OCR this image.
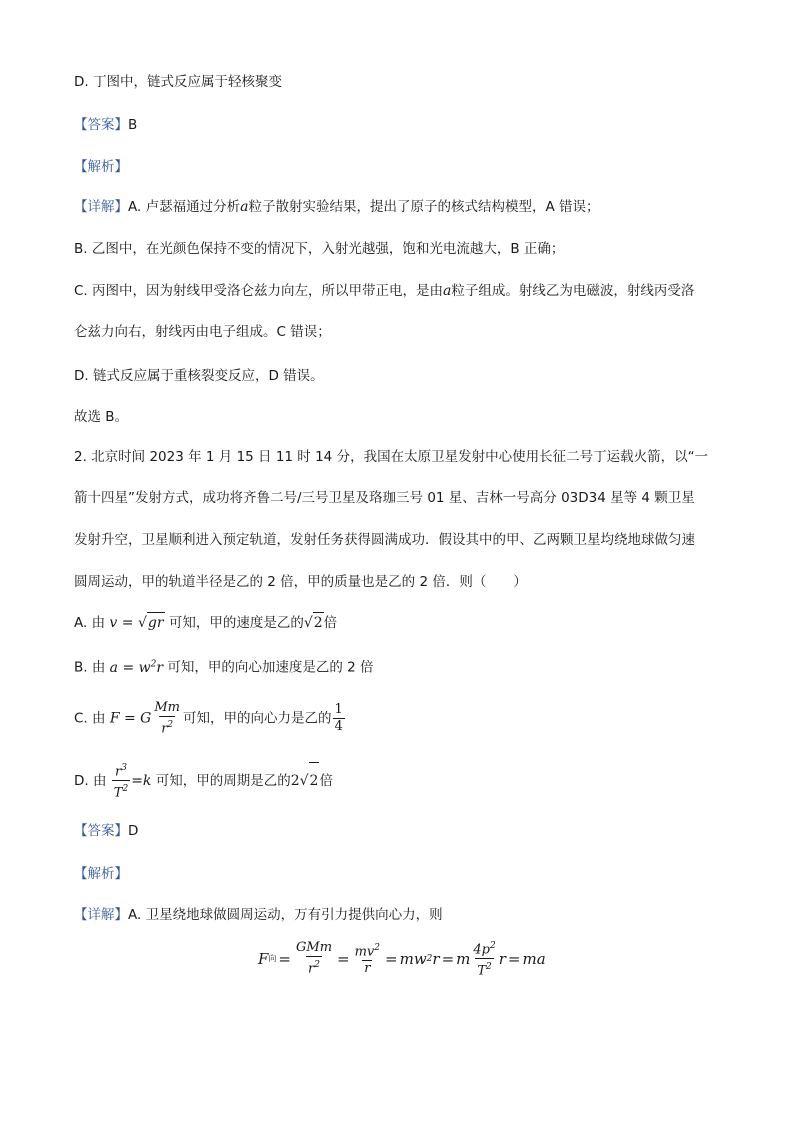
D. 丁图中，链式反应属于轻核聚变
【答案】B
【解析】
【详解】A. 卢瑟福通过分析a粒子散射实验结果，提出了原子的核式结构模型，A 错误；
B. 乙图中，在光颜色保持不变的情况下，入射光越强，饱和光电流越大，B 正确；
C. 丙图中，因为射线甲受洛仑兹力向左，所以甲带正电，是由a粒子组成。射线乙为电磁波，射线丙受洛
仑兹力向右，射线丙由电子组成。C 错误；
D. 链式反应属于重核裂变反应，D 错误。
故选 B。
2. 北京时间 2023 年 1 月 15 日 11 时 14 分，我国在太原卫星发射中心使用长征二号丁运载火箭，以“一
箭十四星”发射方式，成功将齐鲁二号/三号卫星及珞珈三号 01 星、吉林一号高分 03D34 星等 4 颗卫星
发射升空，卫星顺利进入预定轨道，发射任务获得圆满成功．假设其中的甲、乙两颗卫星均绕地球做匀速
圆周运动，甲的轨道半径是乙的 2 倍，甲的质量也是乙的 2 倍．则（　　）
A. 由 v = √gr 可知，甲的速度是乙的√2倍
B. 由 $a = w^2r$ 可知，甲的向心加速度是乙的 2 倍
C. 由 F = G $\frac{Mm}{r^2}$ 可知，甲的向心力是乙的 $\frac{1}{4}$
D. 由 $\frac{r^3}{T^2} =k$ 可知，甲的周期是乙的2√2倍
【答案】D
【解析】
【详解】A. 卫星绕地球做圆周运动，万有引力提供向心力，则
F 向 = $\frac{\text{GMm}}{r^2} = \frac{mv^2}{r} = m$ w 2 r = m $\frac{4p^2}{T^2}$ r = ma
